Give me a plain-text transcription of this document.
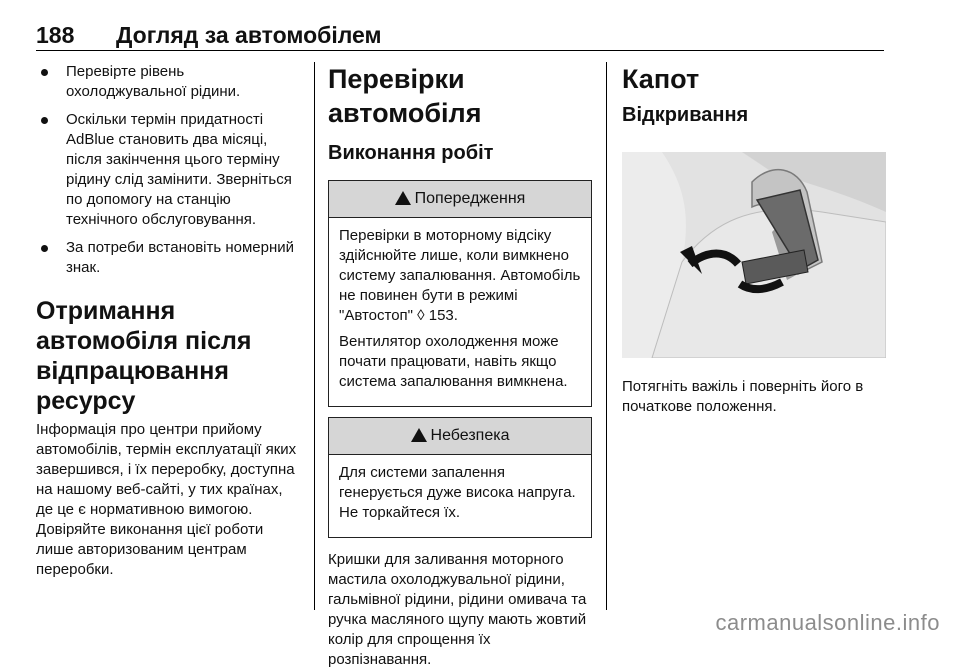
188 Догляд за автомобілем
Перевірте рівень охолоджувальної рідини.
Оскільки термін придатності AdBlue становить два місяці, після закінчення цього терміну рідину слід замінити. Зверніться по допомогу на станцію технічного обслуговування.
За потреби встановіть номерний знак.
Отримання автомобіля після відпрацювання ресурсу

Інформація про центри прийому автомобілів, термін експлуатації яких завершився, і їх переробку, доступна на нашому веб-сайті, у тих країнах, де це є нормативною вимогою. Довіряйте виконання цієї роботи лише авторизованим центрам переробки.

Перевірки автомобіля
Виконання робіт
Попередження

Перевірки в моторному відсіку здійснюйте лише, коли вимкнено систему запалювання. Автомобіль не повинен бути в режимі "Автостоп" ◊ 153.

Вентилятор охолодження може почати працювати, навіть якщо система запалювання вимкнена.

Небезпека

Для системи запалення генерується дуже висока напруга. Не торкайтеся їх.

Кришки для заливання моторного мастила охолоджувальної рідини, гальмівної рідини, рідини омивача та ручка масляного щупу мають жовтий колір для спрощення їх розпізнавання.

Капот
Відкривання

Потягніть важіль і поверніть його в початкове положення.

carmanualsonline.info
